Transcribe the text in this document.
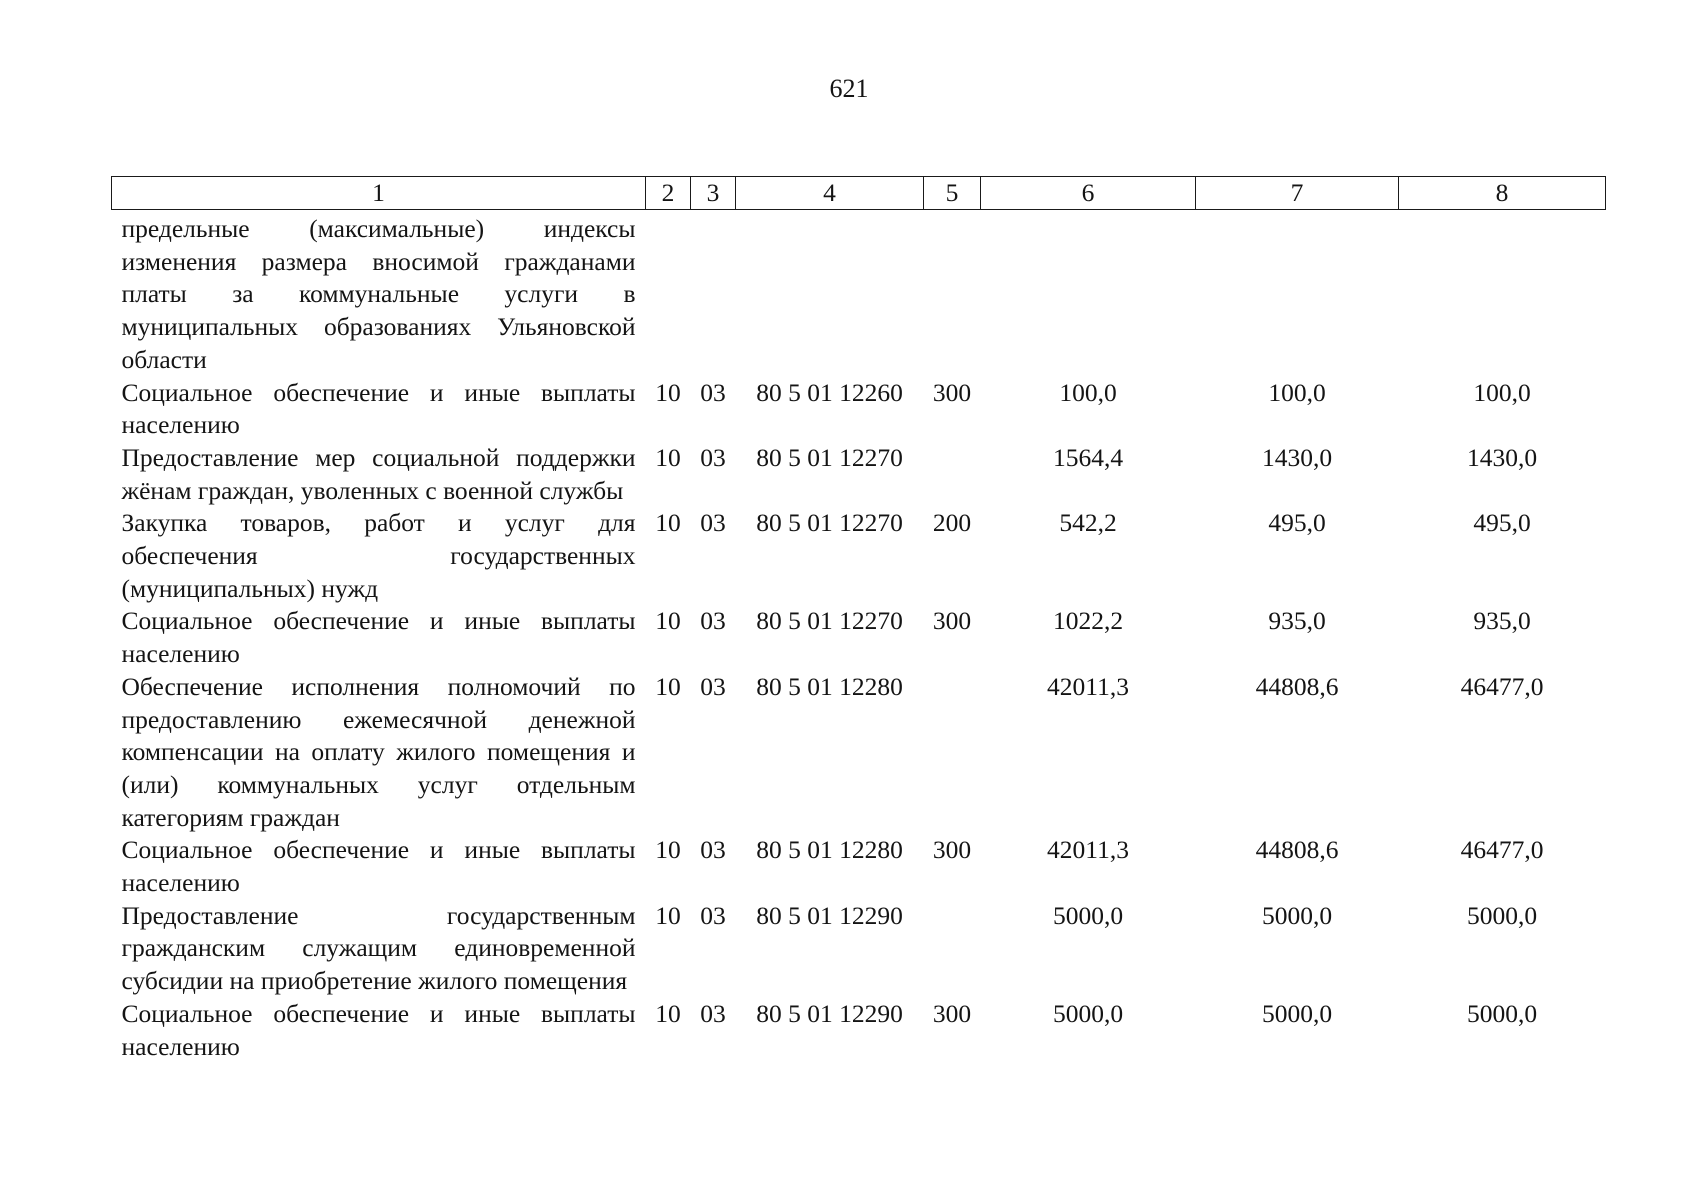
621
1	2	3	4	5	6	7	8
предельные (максимальные) индексы изменения размера вносимой гражданами платы за коммунальные услуги в муниципальных образованиях Ульяновской области							
Социальное обеспечение и иные выплаты населению	10	03	80 5 01 12260	300	100,0	100,0	100,0
Предоставление мер социальной поддержки жёнам граждан, уволенных с военной службы	10	03	80 5 01 12270		1564,4	1430,0	1430,0
Закупка товаров, работ и услуг для обеспечения государственных (муниципальных) нужд	10	03	80 5 01 12270	200	542,2	495,0	495,0
Социальное обеспечение и иные выплаты населению	10	03	80 5 01 12270	300	1022,2	935,0	935,0
Обеспечение исполнения полномочий по предоставлению ежемесячной денежной компенсации на оплату жилого помещения и (или) коммунальных услуг отдельным категориям граждан	10	03	80 5 01 12280		42011,3	44808,6	46477,0
Социальное обеспечение и иные выплаты населению	10	03	80 5 01 12280	300	42011,3	44808,6	46477,0
Предоставление государственным гражданским служащим единовременной субсидии на приобретение жилого помещения	10	03	80 5 01 12290		5000,0	5000,0	5000,0
Социальное обеспечение и иные выплаты населению	10	03	80 5 01 12290	300	5000,0	5000,0	5000,0
